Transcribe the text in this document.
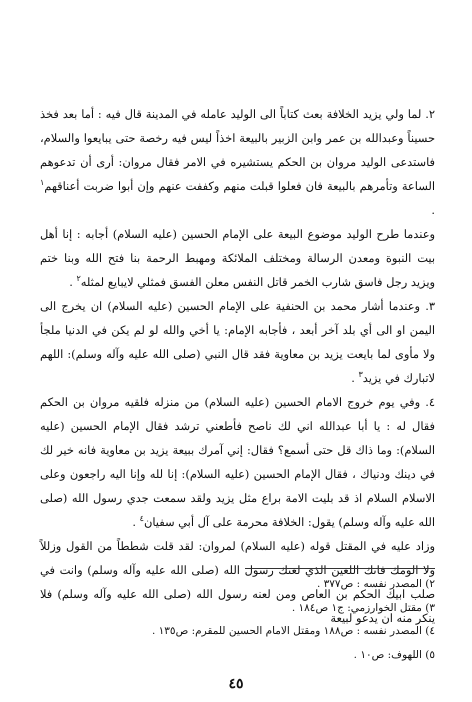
٢. لما ولي يزيد الخلافة بعث كتاباً الى الوليد عامله في المدينة قال فيه : أما بعد فخذ حسيناً وعبدالله بن عمر وابن الزبير بالبيعة اخذاً ليس فيه رخصة حتى يبايعوا والسلام، فاستدعى الوليد مروان بن الحكم يستشيره في الامر فقال مروان: أرى أن تدعوهم الساعة وتأمرهم بالبيعة فان فعلوا قبلت منهم وكففت عنهم وإن أبوا ضربت أعناقهم$^١$ .

وعندما طرح الوليد موضوع البيعة على الإمام الحسين (عليه السلام) أجابه : إنا أهل بيت النبوة ومعدن الرسالة ومختلف الملائكة ومهبط الرحمة بنا فتح الله وبنا ختم ويزيد رجل فاسق شارب الخمر قاتل النفس معلن الفسق فمثلي لايبايع لمثله$^٢$ .

٣. وعندما أشار محمد بن الحنفية على الإمام الحسين (عليه السلام) ان يخرج الى اليمن او الى أي بلد آخر أبعد ، فأجابه الإمام: يا أخي والله لو لم يكن في الدنيا ملجأ ولا مأوى لما بايعت يزيد بن معاوية فقد قال النبي (صلى الله عليه وآله وسلم): اللهم لاتبارك في يزيد$^٣$ .

٤. وفي يوم خروج الامام الحسين (عليه السلام) من منزله فلقيه مروان بن الحكم فقال له : يا أبا عبدالله اني لك ناصح فأطعني ترشد فقال الإمام الحسين (عليه السلام): وما ذاك قل حتى أسمع؟ فقال: إني آمرك ببيعة يزيد بن معاوية فانه خير لك في دينك ودنياك ، فقال الإمام الحسين (عليه السلام): إنا لله وإنا اليه راجعون وعلى الاسلام السلام اذ قد بليت الامة براع مثل يزيد ولقد سمعت جدي رسول الله (صلى الله عليه وآله وسلم) يقول: الخلافة محرمة على آل أبي سفيان$^٤$ .

وزاد عليه في المقتل قوله (عليه السلام) لمروان: لقد قلت شططاً من القول وزللاً ولا الومك فانك اللعين الذي لعنك رسول الله (صلى الله عليه وآله وسلم) وانت في صلب ابيك الحكم بن العاص ومن لعنه رسول الله (صلى الله عليه وآله وسلم) فلا ينكر منه ان يدعو لبيعة

٢) المصدر نفسه : ص٣٧٧ .

٣) مقتل الخوارزمي: ج١ ص١٨٤ .

٤) المصدر نفسه : ص١٨٨ ومقتل الامام الحسين للمقرم: ص١٣٥ .

٥) اللهوف: ص١٠ .

٤٥
